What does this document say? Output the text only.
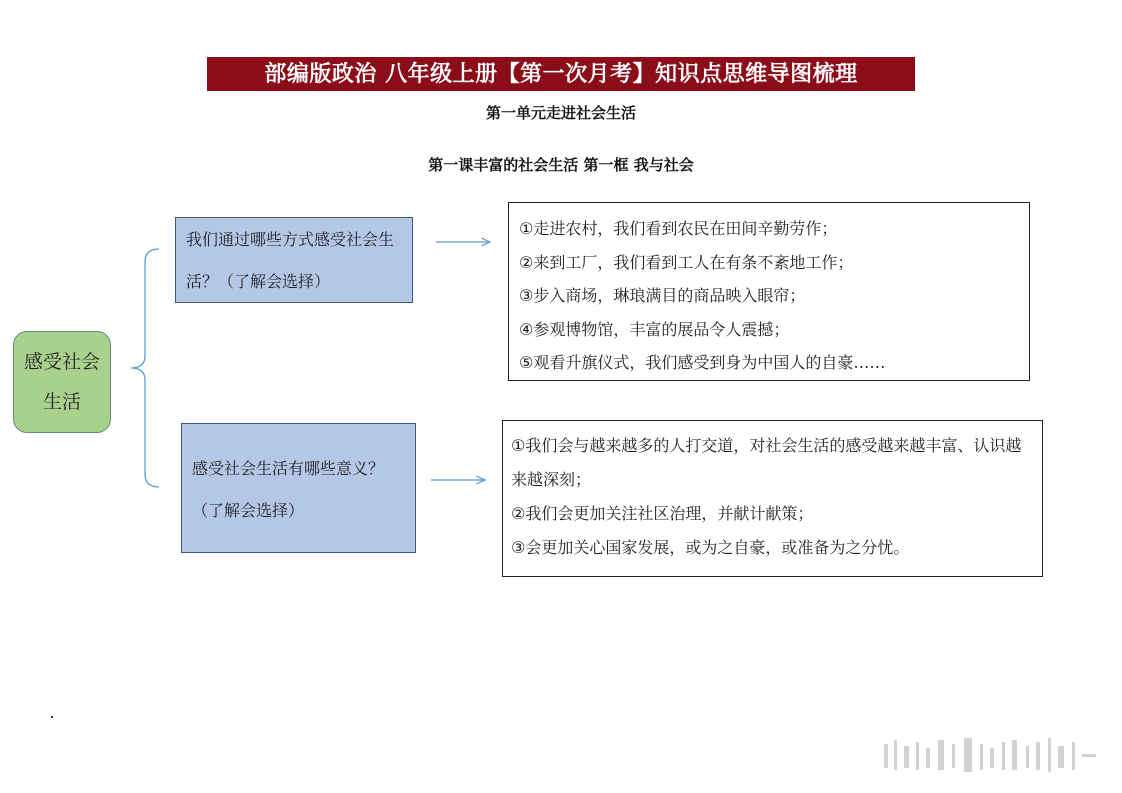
部编版政治 八年级上册【第一次月考】知识点思维导图梳理
第一单元走进社会生活
第一课丰富的社会生活 第一框 我与社会
感受社会生活
我们通过哪些方式感受社会生活？（了解会选择）
感受社会生活有哪些意义？（了解会选择）
①走进农村，我们看到农民在田间辛勤劳作；
②来到工厂，我们看到工人在有条不紊地工作；
③步入商场，琳琅满目的商品映入眼帘；
④参观博物馆，丰富的展品令人震撼；
⑤观看升旗仪式，我们感受到身为中国人的自豪……
①我们会与越来越多的人打交道，对社会生活的感受越来越丰富、认识越来越深刻；
②我们会更加关注社区治理，并献计献策；
③会更加关心国家发展，或为之自豪，或准备为之分忧。
